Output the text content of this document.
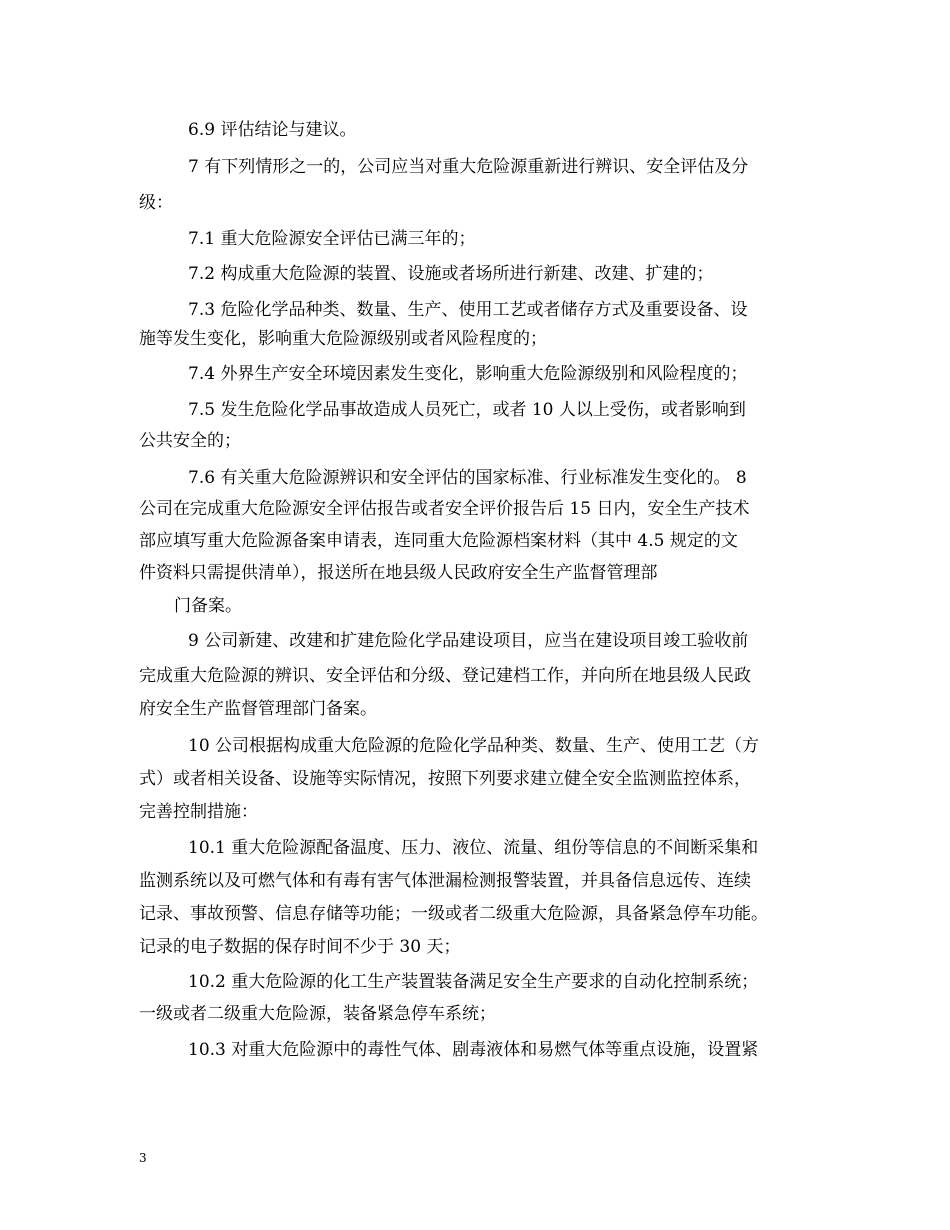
6.9 评估结论与建议。
7 有下列情形之一的，公司应当对重大危险源重新进行辨识、安全评估及分
级：
7.1 重大危险源安全评估已满三年的；
7.2 构成重大危险源的装置、设施或者场所进行新建、改建、扩建的；
7.3 危险化学品种类、数量、生产、使用工艺或者储存方式及重要设备、设
施等发生变化，影响重大危险源级别或者风险程度的；
7.4 外界生产安全环境因素发生变化，影响重大危险源级别和风险程度的；
7.5 发生危险化学品事故造成人员死亡，或者 10 人以上受伤，或者影响到
公共安全的；
7.6 有关重大危险源辨识和安全评估的国家标准、行业标准发生变化的。 8
公司在完成重大危险源安全评估报告或者安全评价报告后 15 日内，安全生产技术
部应填写重大危险源备案申请表，连同重大危险源档案材料（其中 4.5 规定的文
件资料只需提供清单），报送所在地县级人民政府安全生产监督管理部
门备案。
9 公司新建、改建和扩建危险化学品建设项目，应当在建设项目竣工验收前
完成重大危险源的辨识、安全评估和分级、登记建档工作，并向所在地县级人民政
府安全生产监督管理部门备案。
10 公司根据构成重大危险源的危险化学品种类、数量、生产、使用工艺（方
式）或者相关设备、设施等实际情况，按照下列要求建立健全安全监测监控体系，
完善控制措施：
10.1 重大危险源配备温度、压力、液位、流量、组份等信息的不间断采集和
监测系统以及可燃气体和有毒有害气体泄漏检测报警装置，并具备信息远传、连续
记录、事故预警、信息存储等功能；一级或者二级重大危险源，具备紧急停车功能。
记录的电子数据的保存时间不少于 30 天；
10.2 重大危险源的化工生产装置装备满足安全生产要求的自动化控制系统；
一级或者二级重大危险源，装备紧急停车系统；
10.3 对重大危险源中的毒性气体、剧毒液体和易燃气体等重点设施，设置紧
3
